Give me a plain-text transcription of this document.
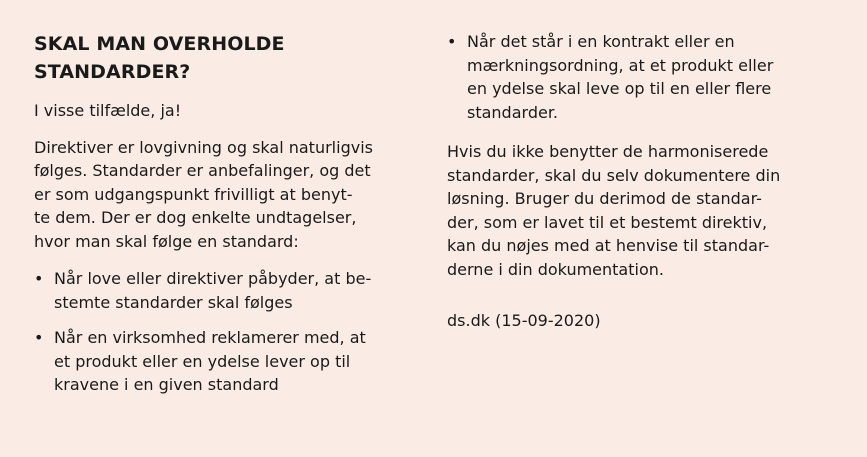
SKAL MAN OVERHOLDE
STANDARDER?

I visse tilfælde, ja!

Direktiver er lovgivning og skal naturligvis
følges. Standarder er anbefalinger, og det
er som udgangspunkt frivilligt at benyt-
te dem. Der er dog enkelte undtagelser,
hvor man skal følge en standard:

• Når love eller direktiver påbyder, at be-
stemte standarder skal følges
• Når en virksomhed reklamerer med, at
et produkt eller en ydelse lever op til
kravene i en given standard
• Når det står i en kontrakt eller en
mærkningsordning, at et produkt eller
en ydelse skal leve op til en eller flere
standarder.

Hvis du ikke benytter de harmoniserede
standarder, skal du selv dokumentere din
løsning. Bruger du derimod de standar-
der, som er lavet til et bestemt direktiv,
kan du nøjes med at henvise til standar-
derne i din dokumentation.

ds.dk (15-09-2020)
